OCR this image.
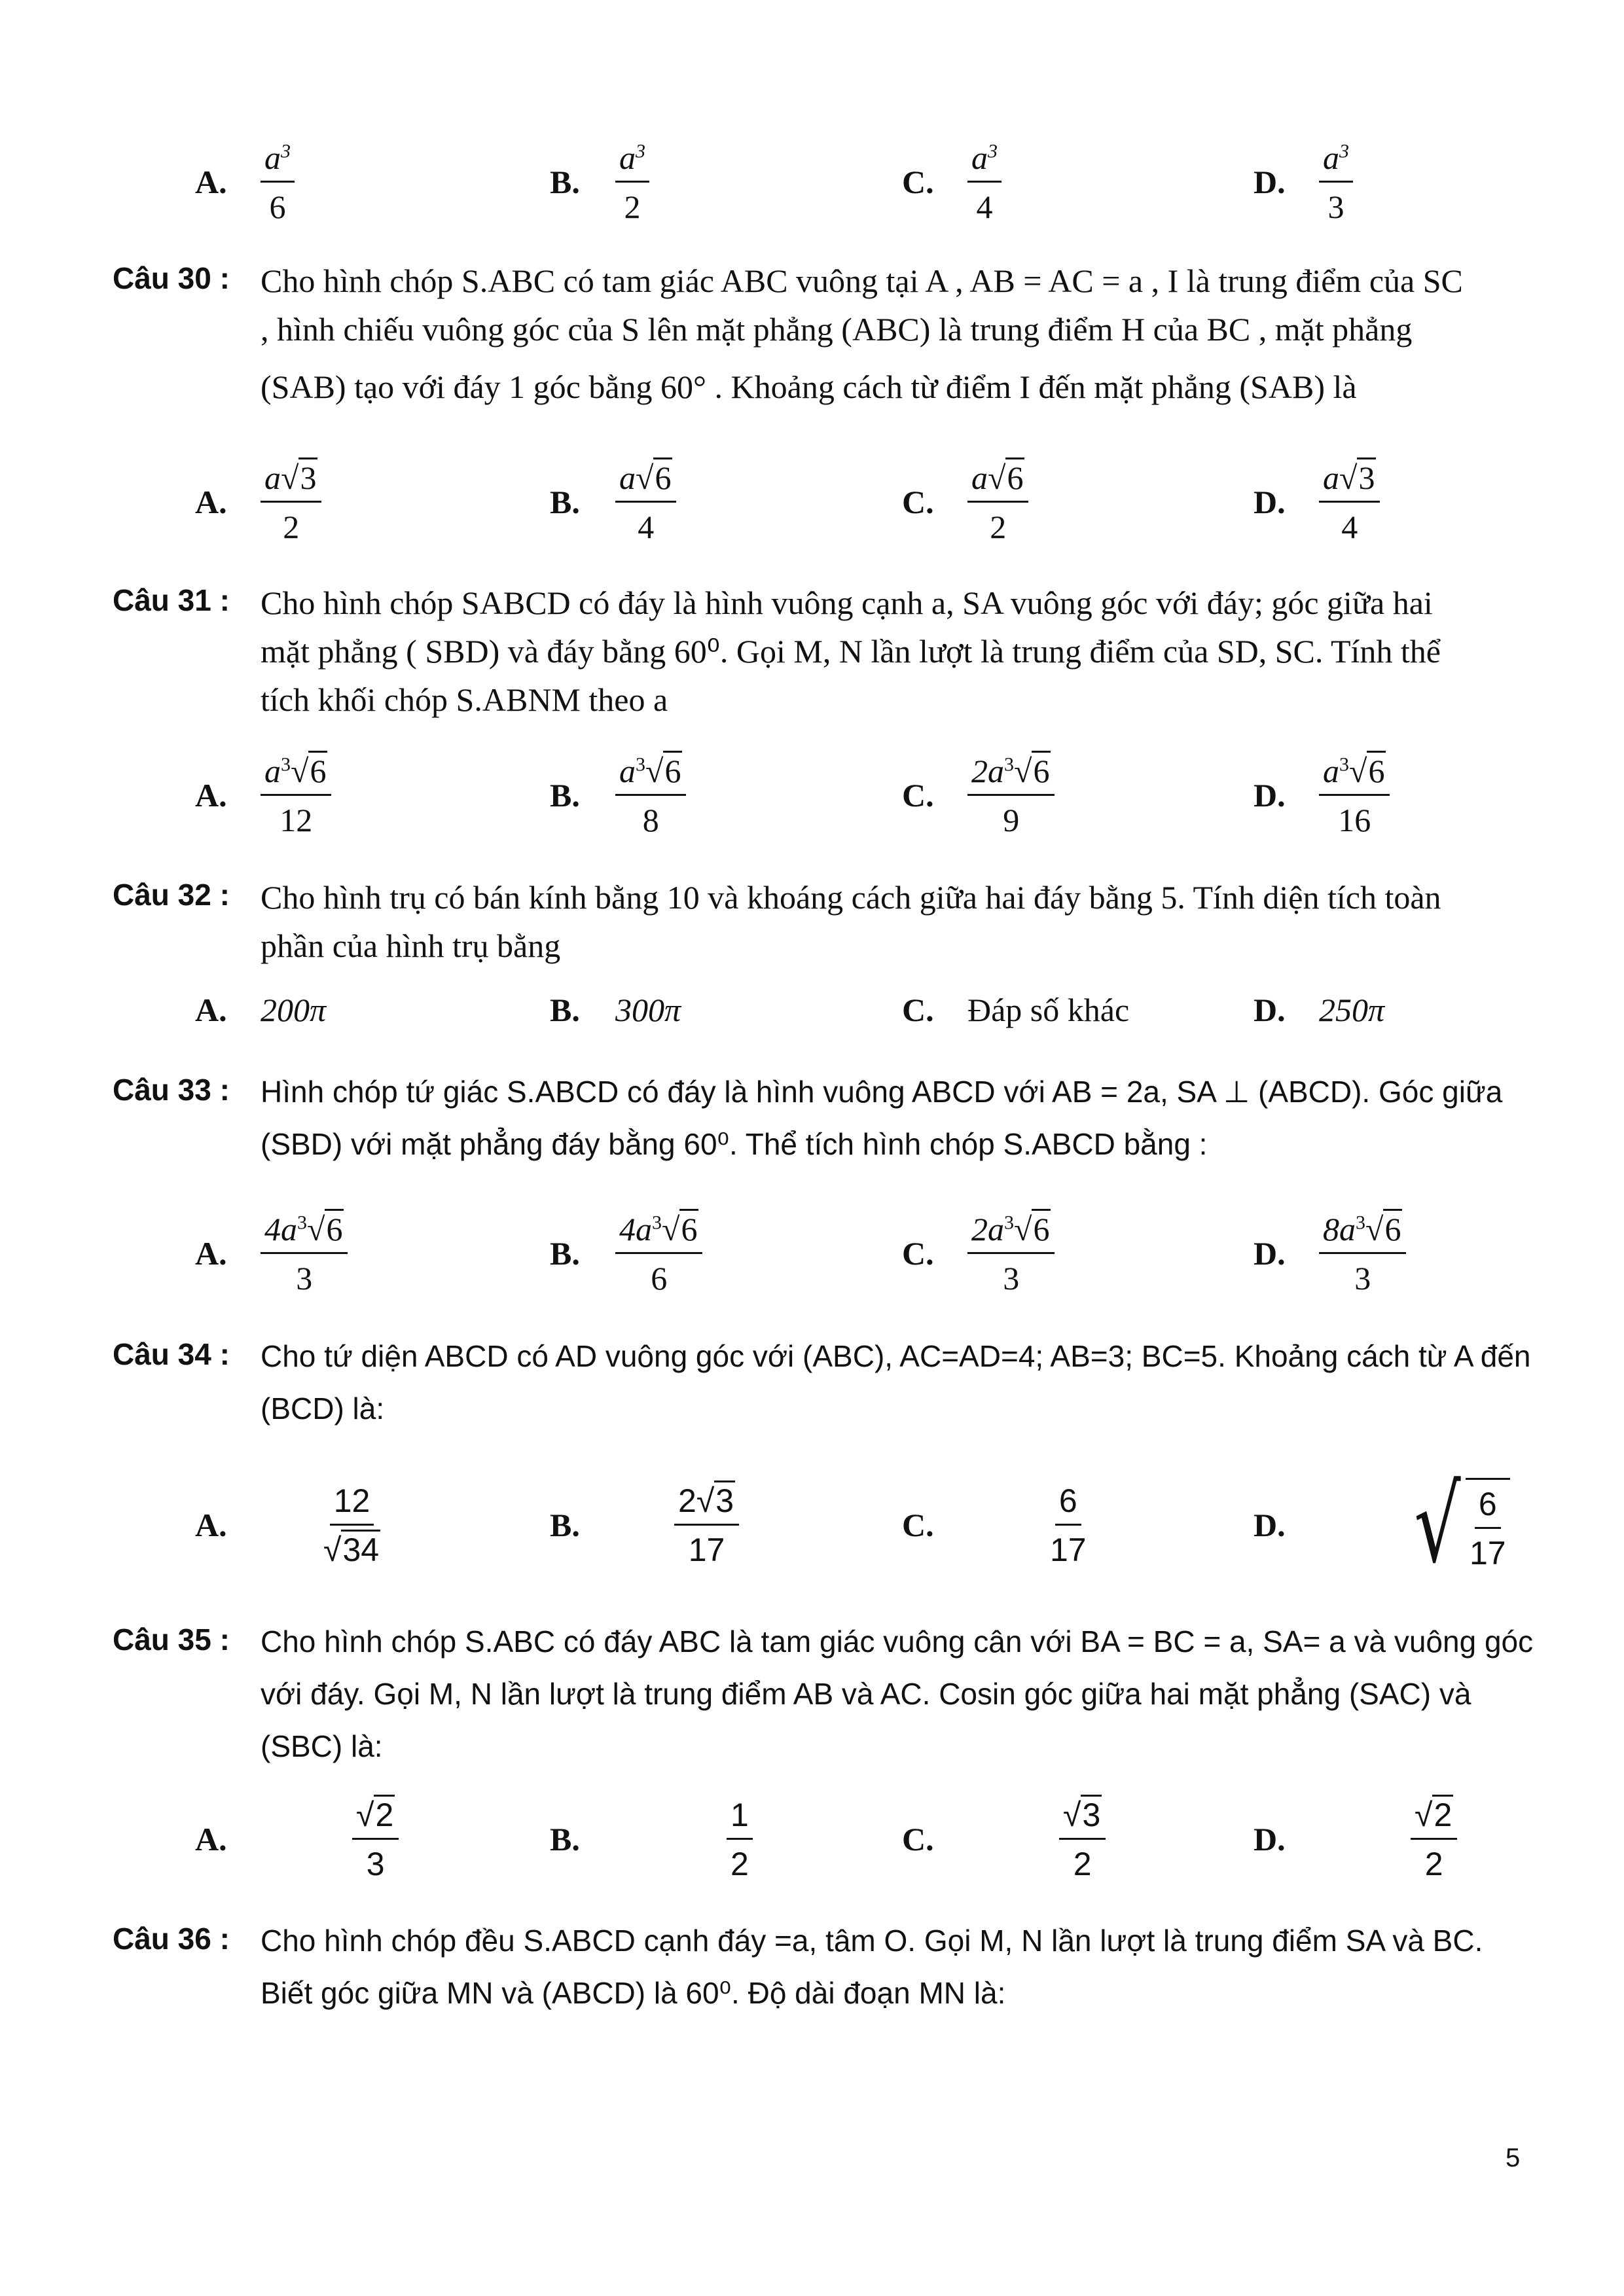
A. $\frac{a^3}{6}$	B. $\frac{a^3}{2}$	C. $\frac{a^3}{4}$	D. $\frac{a^3}{3}$
Câu 30 : Cho hình chóp S.ABC có tam giác ABC vuông tại A , AB = AC = a , I là trung điểm của SC
, hình chiếu vuông góc của S lên mặt phẳng (ABC) là trung điểm H của BC , mặt phẳng
(SAB) tạo với đáy 1 góc bằng 60° . Khoảng cách từ điểm I đến mặt phẳng (SAB) là
A. $\frac{a√3}{2}$	B. $\frac{a√6}{4}$	C. $\frac{a√6}{2}$	D. $\frac{a√3}{4}$
Câu 31 : Cho hình chóp SABCD có đáy là hình vuông cạnh a, SA vuông góc với đáy; góc giữa hai
mặt phẳng ( SBD) và đáy bằng 60⁰. Gọi M, N lần lượt là trung điểm của SD, SC. Tính thể
tích khối chóp S.ABNM theo a
A. $\frac{a^3√6}{12}$	B. $\frac{a^3√6}{8}$	C. $\frac{2a^3√6}{9}$	D. $\frac{a^3√6}{16}$
Câu 32 : Cho hình trụ có bán kính bằng 10 và khoáng cách giữa hai đáy bằng 5. Tính diện tích toàn
phần của hình trụ bằng
A. 200π	B. 300π	C. Đáp số khác	D. 250π
Câu 33 : Hình chóp tứ giác S.ABCD có đáy là hình vuông ABCD với AB = 2a, SA ⊥ (ABCD). Góc giữa
(SBD) với mặt phẳng đáy bằng 60⁰. Thể tích hình chóp S.ABCD bằng :
A. $\frac{4a^3√6}{3}$	B. $\frac{4a^3√6}{6}$	C. $\frac{2a^3√6}{3}$	D. $\frac{8a^3√6}{3}$
Câu 34 : Cho tứ diện ABCD có AD vuông góc với (ABC), AC=AD=4; AB=3; BC=5. Khoảng cách từ A đến
(BCD) là:
A.	$\frac{12}{√34}$	B.	$\frac{2√3}{17}$	C.	$\frac{6}{17}$	D. √ $\frac{6}{17}$
Câu 35 : Cho hình chóp S.ABC có đáy ABC là tam giác vuông cân với BA = BC = a, SA= a và vuông góc
với đáy. Gọi M, N lần lượt là trung điểm AB và AC. Cosin góc giữa hai mặt phẳng (SAC) và
(SBC) là:
A.	$\frac{√2}{3}$	B.	$\frac{1}{2}$	C.	$\frac{√3}{2}$	D.	$\frac{√2}{2}$
Câu 36 : Cho hình chóp đều S.ABCD cạnh đáy =a, tâm O. Gọi M, N lần lượt là trung điểm SA và BC.
Biết góc giữa MN và (ABCD) là 60⁰. Độ dài đoạn MN là:
5
